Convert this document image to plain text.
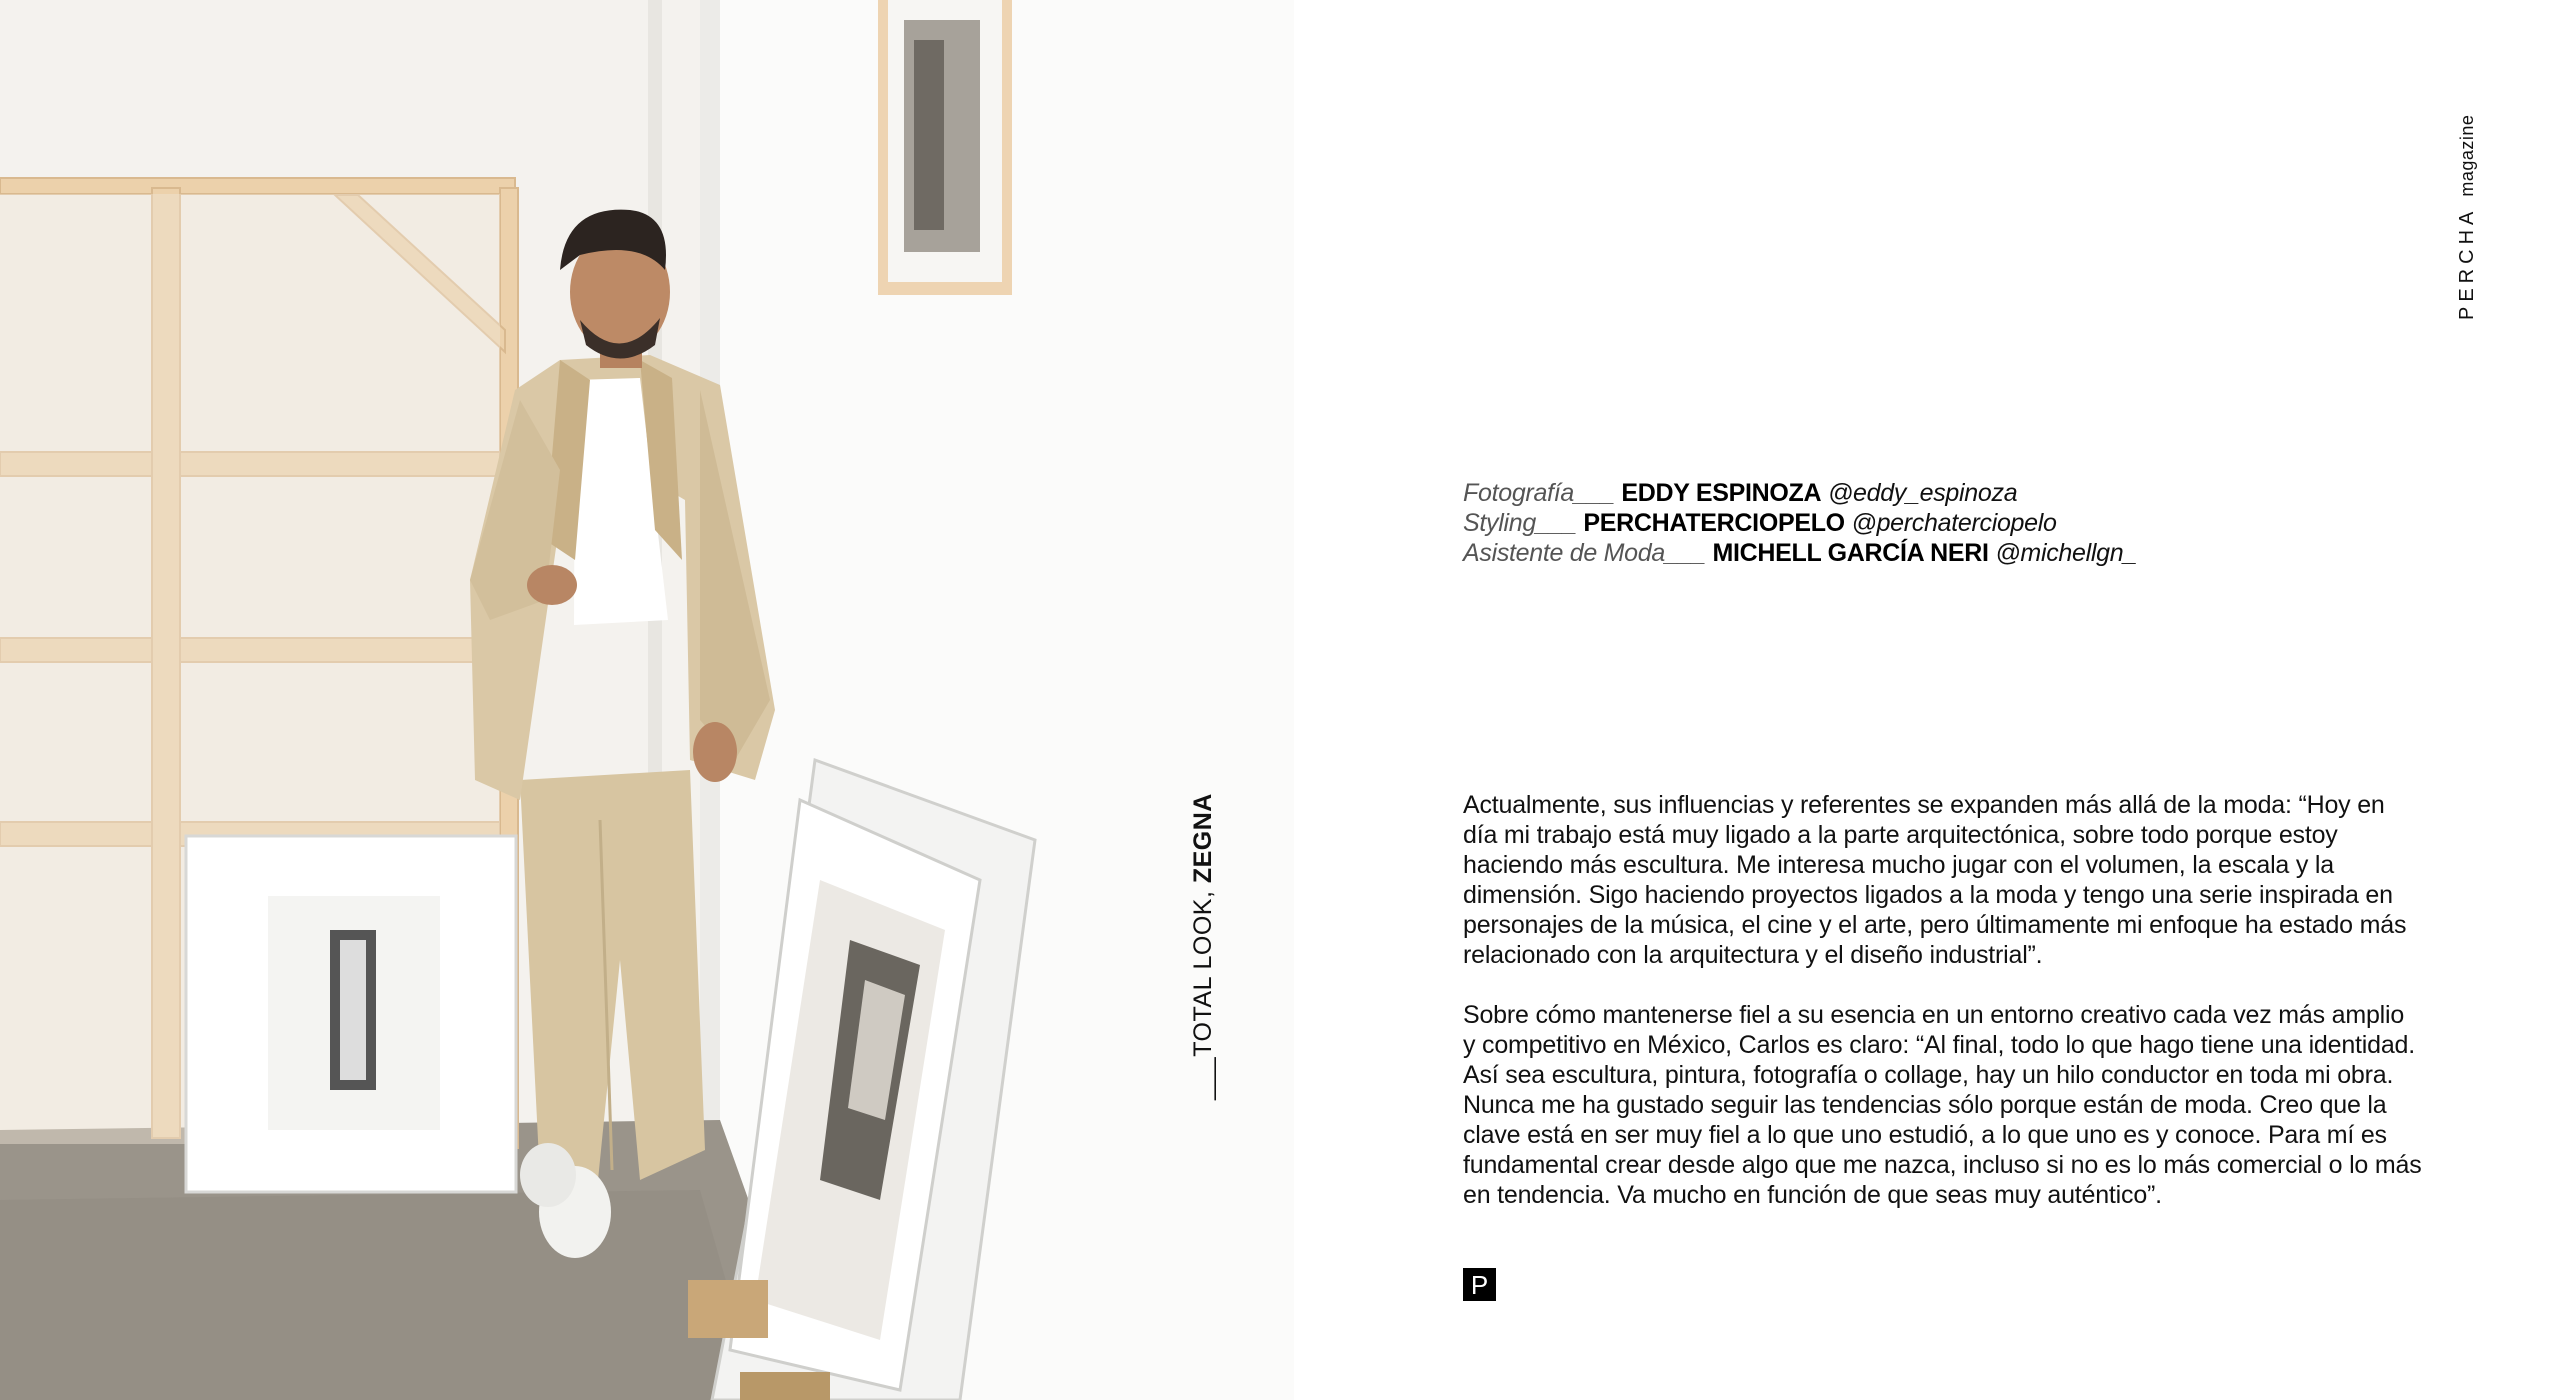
___TOTAL LOOK, ZEGNA
PERCHAmagazine
Fotografía___ EDDY ESPINOZA @eddy_espinoza
Styling___ PERCHATERCIOPELO @perchaterciopelo
Asistente de Moda___ MICHELL GARCÍA NERI @michellgn_

Actualmente, sus influencias y referentes se expanden más allá de la moda: “Hoy en día mi trabajo está muy ligado a la parte arquitectónica, sobre todo porque estoy haciendo más escultura. Me interesa mucho jugar con el volumen, la escala y la dimensión. Sigo haciendo proyectos ligados a la moda y tengo una serie inspirada en personajes de la música, el cine y el arte, pero últimamente mi enfoque ha estado más relacionado con la arquitectura y el diseño industrial”.

Sobre cómo mantenerse fiel a su esencia en un entorno creativo cada vez más amplio y competitivo en México, Carlos es claro: “Al final, todo lo que hago tiene una identidad. Así sea escultura, pintura, fotografía o collage, hay un hilo conductor en toda mi obra. Nunca me ha gustado seguir las tendencias sólo porque están de moda. Creo que la clave está en ser muy fiel a lo que uno estudió, a lo que uno es y conoce. Para mí es fundamental crear desde algo que me nazca, incluso si no es lo más comercial o lo más en tendencia. Va mucho en función de que seas muy auténtico”.

P
